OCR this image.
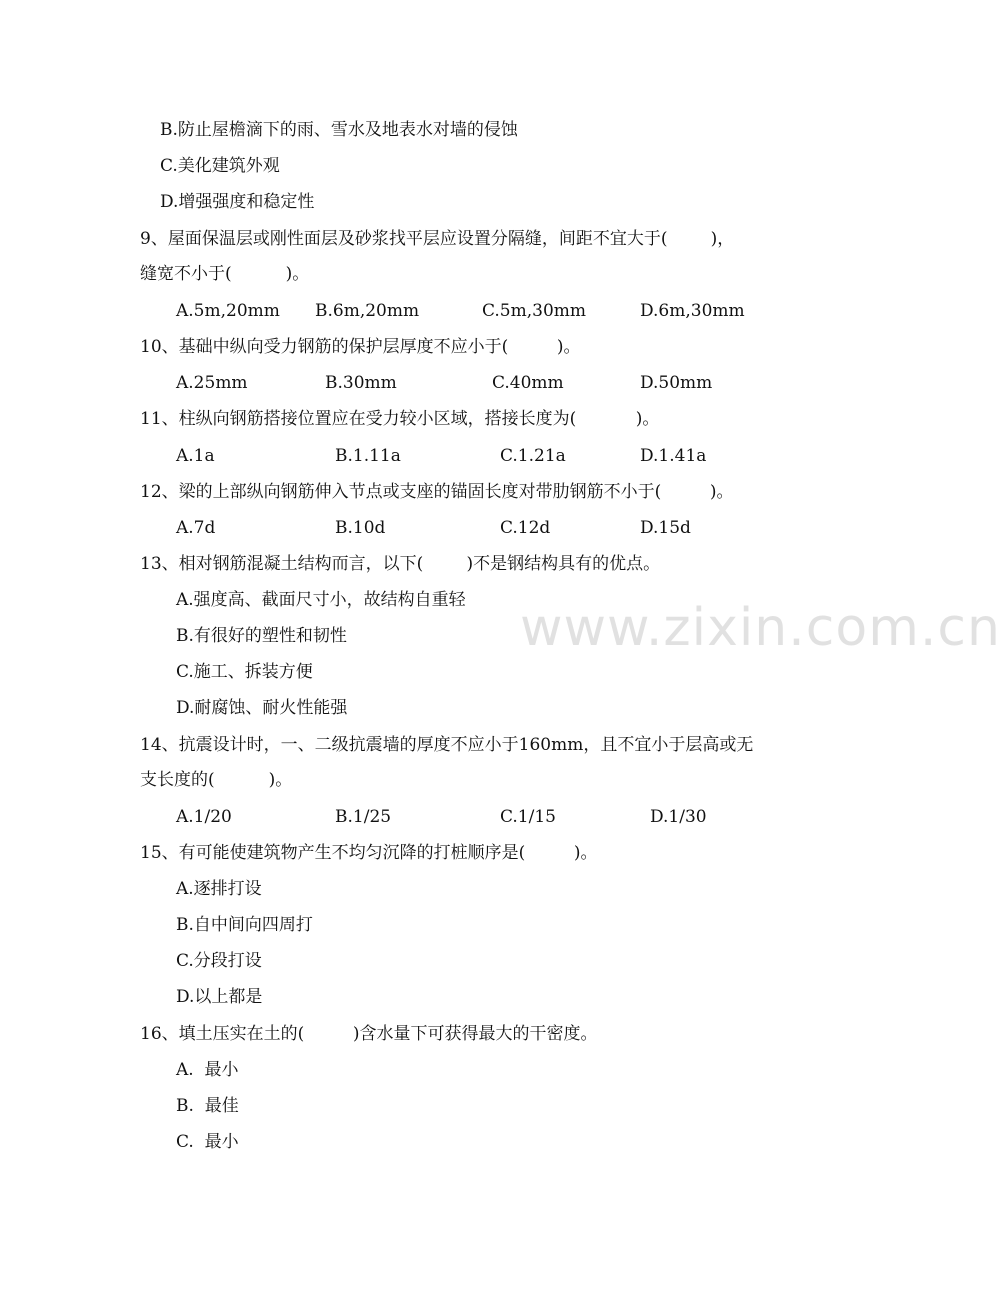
B.防止屋檐滴下的雨、雪水及地表水对墙的侵蚀
C.美化建筑外观
D.增强强度和稳定性
9、屋面保温层或刚性面层及砂浆找平层应设置分隔缝，间距不宜大于(        )，
缝宽不小于(          )。
A.5m,20mm B.6m,20mm	C.5m,30mm	D.6m,30mm
10、基础中纵向受力钢筋的保护层厚度不应小于(         )。
A.25mm	B.30mm	C.40mm	D.50mm
11、柱纵向钢筋搭接位置应在受力较小区域，搭接长度为(           )。
A.1a	B.1.11a	C.1.21a	D.1.41a
12、梁的上部纵向钢筋伸入节点或支座的锚固长度对带肋钢筋不小于(         )。
A.7d	B.10d	C.12d	D.15d
13、相对钢筋混凝土结构而言，以下(        )不是钢结构具有的优点。
A.强度高、截面尺寸小，故结构自重轻
B.有很好的塑性和韧性
C.施工、拆装方便
D.耐腐蚀、耐火性能强
14、抗震设计时，一、二级抗震墙的厚度不应小于160mm，且不宜小于层高或无
支长度的(          )。
A.1/20	B.1/25	C.1/15	D.1/30
15、有可能使建筑物产生不均匀沉降的打桩顺序是(         )。
A.逐排打设
B.自中间向四周打
C.分段打设
D.以上都是
16、填土压实在土的(         )含水量下可获得最大的干密度。
A.  最小
B.  最佳
C.  最小
www.zixin.com.cn
